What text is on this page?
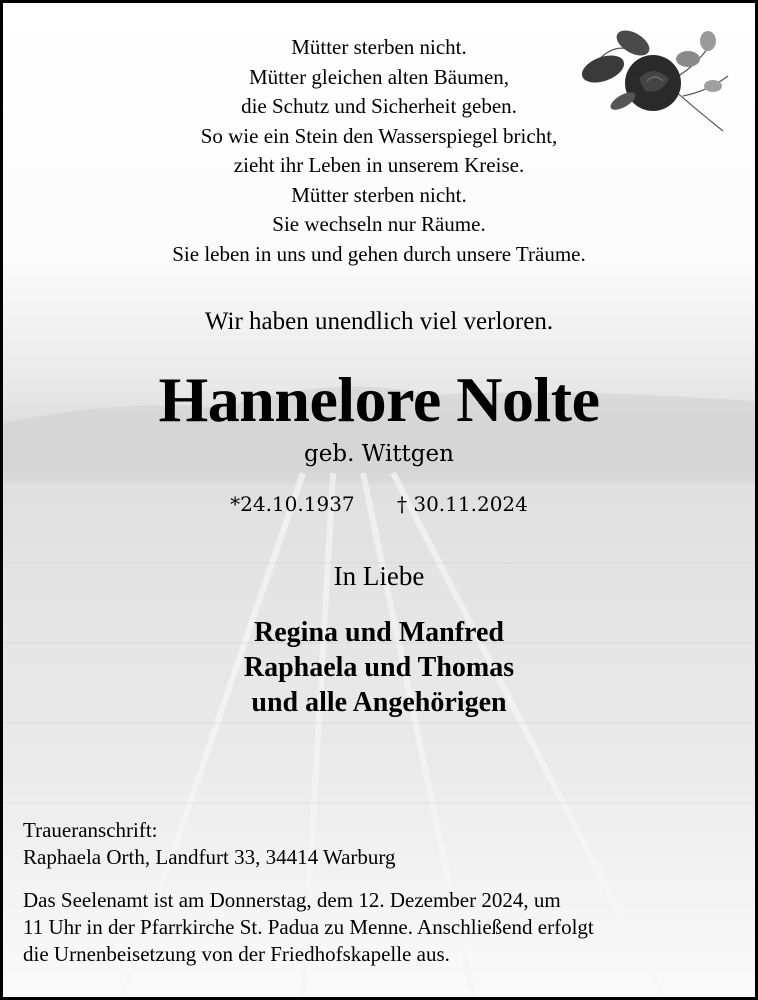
Mütter sterben nicht.
Mütter gleichen alten Bäumen,
die Schutz und Sicherheit geben.
So wie ein Stein den Wasserspiegel bricht,
zieht ihr Leben in unserem Kreise.
Mütter sterben nicht.
Sie wechseln nur Räume.
Sie leben in uns und gehen durch unsere Träume.
Wir haben unendlich viel verloren.
Hannelore Nolte
geb. Wittgen
*24.10.1937 † 30.11.2024
In Liebe
Regina und Manfred
Raphaela und Thomas
und alle Angehörigen
Traueranschrift:
Raphaela Orth, Landfurt 33, 34414 Warburg
Das Seelenamt ist am Donnerstag, dem 12. Dezember 2024, um
11 Uhr in der Pfarrkirche St. Padua zu Menne. Anschließend erfolgt
die Urnenbeisetzung von der Friedhofskapelle aus.
